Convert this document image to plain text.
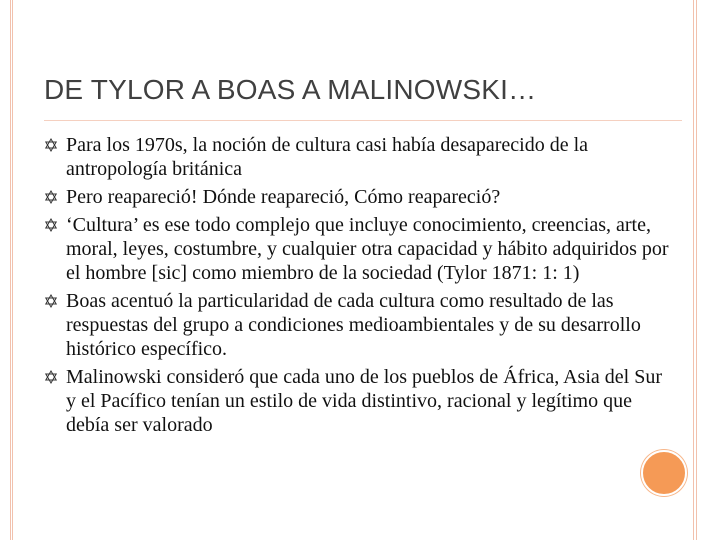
DE TYLOR A BOAS A MALINOWSKI…
Para los 1970s, la noción de cultura casi había desaparecido de la antropología británica
Pero reapareció! Dónde reapareció, Cómo reapareció?
‘Cultura’ es ese todo complejo que incluye conocimiento, creencias, arte, moral, leyes, costumbre, y cualquier otra capacidad y hábito adquiridos por el hombre [sic] como miembro de la sociedad (Tylor 1871: 1: 1)
Boas acentuó la particularidad de cada cultura como resultado de las respuestas del grupo a condiciones medioambientales y de su desarrollo histórico específico.
Malinowski consideró que cada uno de los pueblos de África, Asia del Sur y el Pacífico tenían un estilo de vida distintivo, racional y legítimo que debía ser valorado
